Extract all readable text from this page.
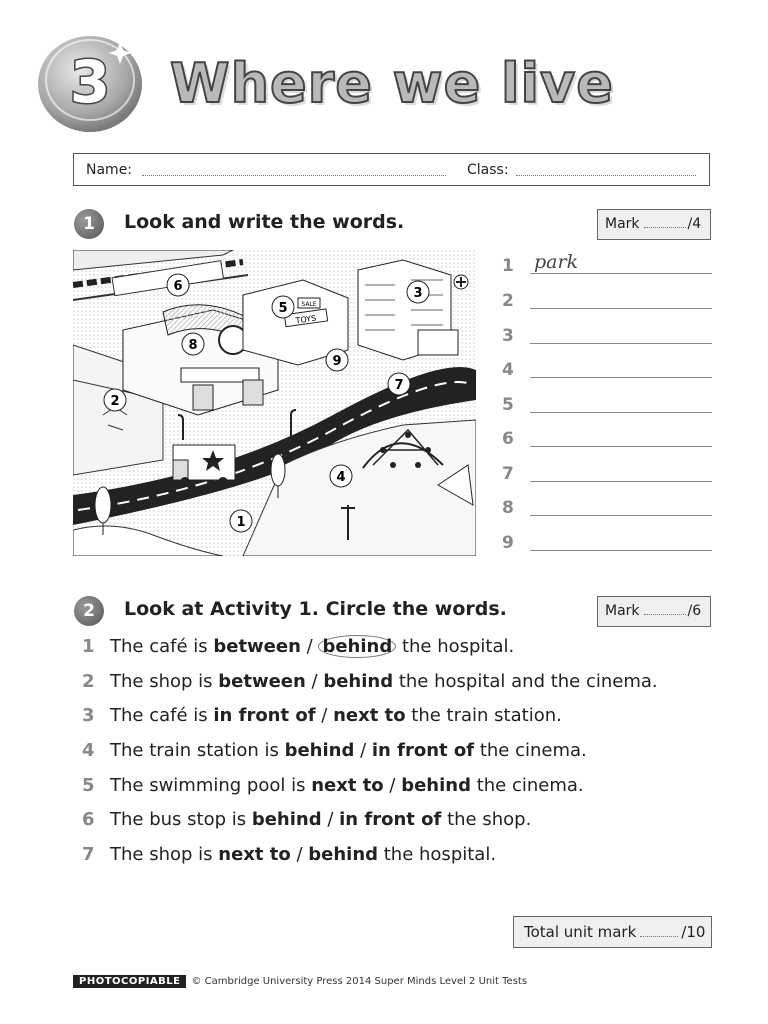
3 Where we live
Name:	Class:
1	Look and write the words.	Mark	/4
TOYS
SALE
1
2
3
4
5
6
7
8
9
1 park
2
3
4
5
6
7
8
9
2	Look at Activity 1. Circle the words.	Mark	/6
1 The café is between / behind the hospital.
2 The shop is between / behind the hospital and the cinema.
3 The café is in front of / next to the train station.
4 The train station is behind / in front of the cinema.
5 The swimming pool is next to / behind the cinema.
6 The bus stop is behind / in front of the shop.
7 The shop is next to / behind the hospital.
Total unit mark	/10
PHOTOCOPIABLE © Cambridge University Press 2014 Super Minds Level 2 Unit Tests
